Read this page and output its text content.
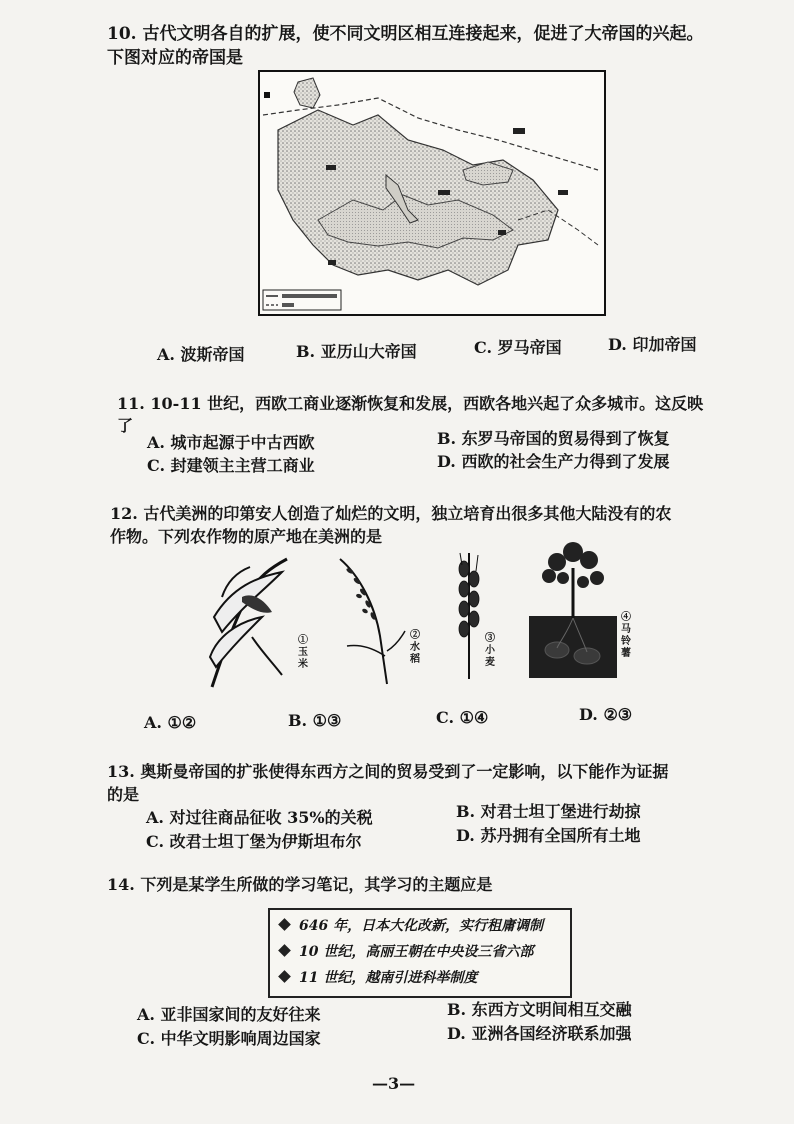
10. 古代文明各自的扩展，使不同文明区相互连接起来，促进了大帝国的兴起。
下图对应的帝国是
A. 波斯帝国	B. 亚历山大帝国	C. 罗马帝国	D. 印加帝国
11. 10-11 世纪，西欧工商业逐渐恢复和发展，西欧各地兴起了众多城市。这反映
了
A. 城市起源于中古西欧	B. 东罗马帝国的贸易得到了恢复
C. 封建领主主营工商业	D. 西欧的社会生产力得到了发展
12. 古代美洲的印第安人创造了灿烂的文明，独立培育出很多其他大陆没有的农
作物。下列农作物的原产地在美洲的是
①玉米
②水稻
③小麦
④马铃薯
A. ①②	B. ①③	C. ①④	D. ②③
13. 奥斯曼帝国的扩张使得东西方之间的贸易受到了一定影响，以下能作为证据
的是
A. 对过往商品征收 35%的关税	B. 对君士坦丁堡进行劫掠
C. 改君士坦丁堡为伊斯坦布尔	D. 苏丹拥有全国所有土地
14. 下列是某学生所做的学习笔记，其学习的主题应是
646 年，日本大化改新，实行租庸调制
10 世纪，高丽王朝在中央设三省六部
11 世纪，越南引进科举制度
A. 亚非国家间的友好往来	B. 东西方文明间相互交融
C. 中华文明影响周边国家	D. 亚洲各国经济联系加强
—3—
